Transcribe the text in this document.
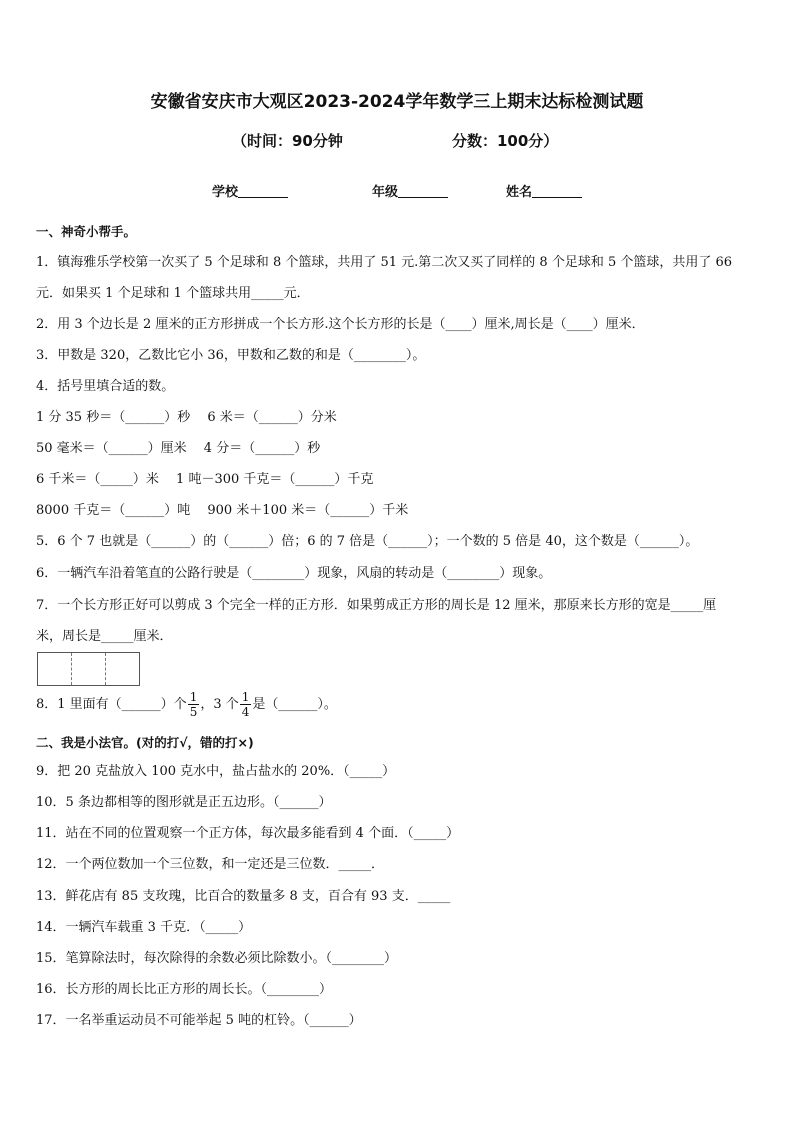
安徽省安庆市大观区2023-2024学年数学三上期末达标检测试题
（时间：90分钟	分数：100分）
学校	年级	姓名
一、神奇小帮手。
1．镇海雅乐学校第一次买了 5 个足球和 8 个篮球，共用了 51 元.第二次又买了同样的 8 个足球和 5 个篮球，共用了 66
元．如果买 1 个足球和 1 个篮球共用_____元．
2．用 3 个边长是 2 厘米的正方形拼成一个长方形.这个长方形的长是（____）厘米,周长是（____）厘米．
3．甲数是 320，乙数比它小 36，甲数和乙数的和是（________）。
4．括号里填合适的数。
1 分 35 秒＝（______）秒　 6 米＝（______）分米
50 毫米＝（______）厘米　 4 分＝（______）秒
6 千米＝（_____）米　 1 吨－300 千克＝（______）千克
8000 千克＝（______）吨　 900 米＋100 米＝（______）千米
5．6 个 7 也就是（______）的（______）倍；6 的 7 倍是（______）；一个数的 5 倍是 40，这个数是（______）。
6．一辆汽车沿着笔直的公路行驶是（________）现象，风扇的转动是（________）现象。
7．一个长方形正好可以剪成 3 个完全一样的正方形．如果剪成正方形的周长是 12 厘米，那原来长方形的宽是_____厘
米，周长是_____厘米．
8．1 里面有（______）个 $\frac{1}{5}$ ，3 个 $\frac{1}{4}$ 是（______）。
二、我是小法官。(对的打√，错的打×)
9．把 20 克盐放入 100 克水中，盐占盐水的 20%．（_____）
10．5 条边都相等的图形就是正五边形。（______）
11．站在不同的位置观察一个正方体，每次最多能看到 4 个面．（_____）
12．一个两位数加一个三位数，和一定还是三位数．_____．
13．鲜花店有 85 支玫瑰，比百合的数量多 8 支，百合有 93 支．_____
14．一辆汽车载重 3 千克．（_____）
15．笔算除法时，每次除得的余数必须比除数小。（________）
16．长方形的周长比正方形的周长长。（________）
17．一名举重运动员不可能举起 5 吨的杠铃。（______）
